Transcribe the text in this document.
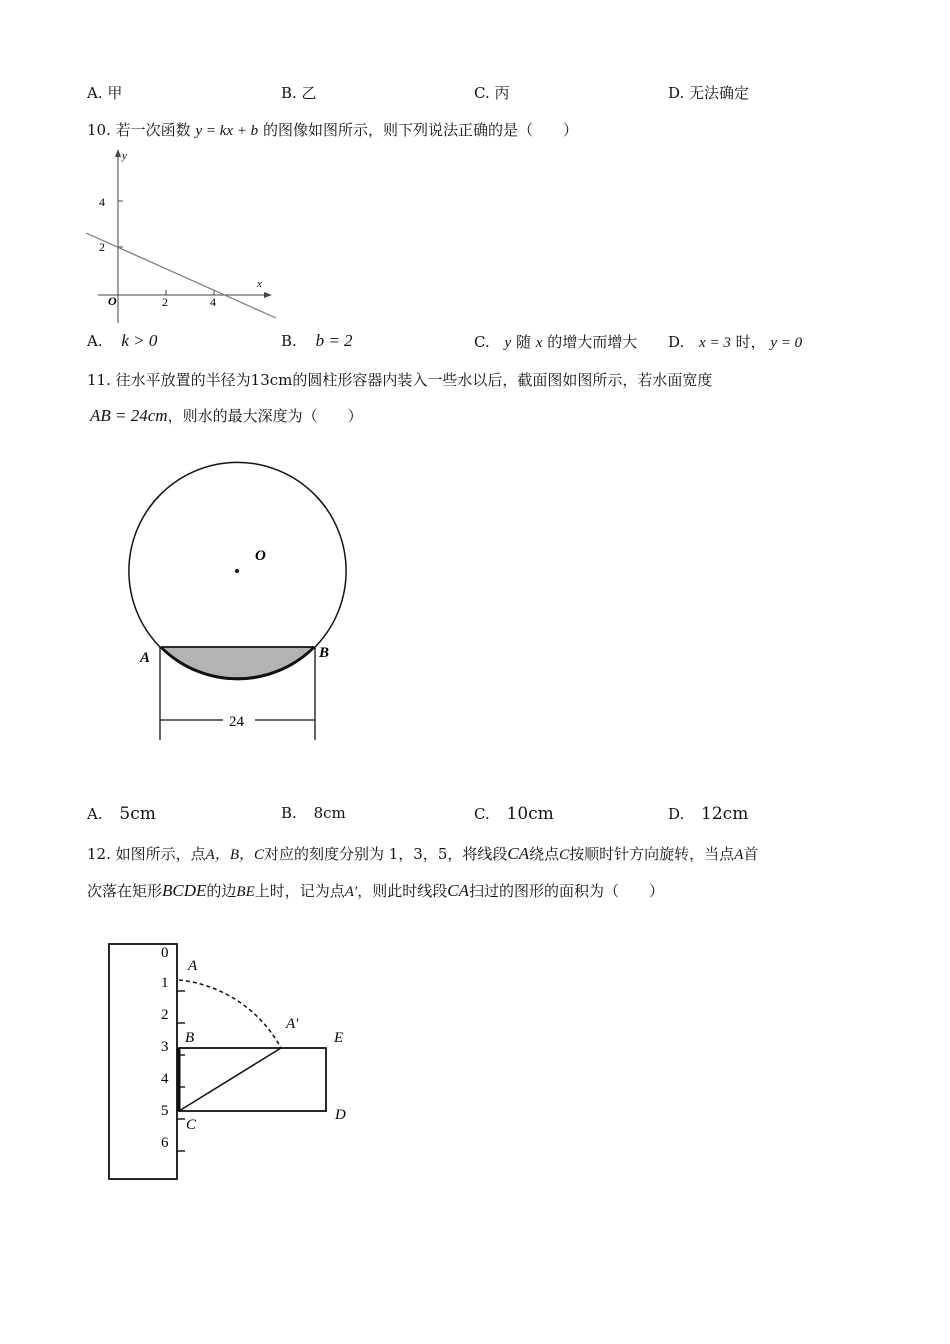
A. 甲	B. 乙	C. 丙	D. 无法确定
10. 若一次函数 y = kx + b 的图像如图所示，则下列说法正确的是（　　）
y
x
O	2	4
2
4
A. k > 0	B. b = 2	C. y 随 x 的增大而增大 D. x = 3 时， y = 0
11. 往水平放置的半径为13cm的圆柱形容器内装入一些水以后，截面图如图所示，若水面宽度
AB = 24cm，则水的最大深度为（　　）
O
A	B
24
A. 5cm	B. 8cm	C. 10cm	D. 12cm
12. 如图所示，点A，B，C对应的刻度分别为 1，3，5，将线段CA绕点C按顺时针方向旋转，当点A首
次落在矩形BCDE的边BE上时，记为点A′，则此时线段CA扫过的图形的面积为（　　）
0
1
2
3
4
5
6
A
A′
B
C
D
E
